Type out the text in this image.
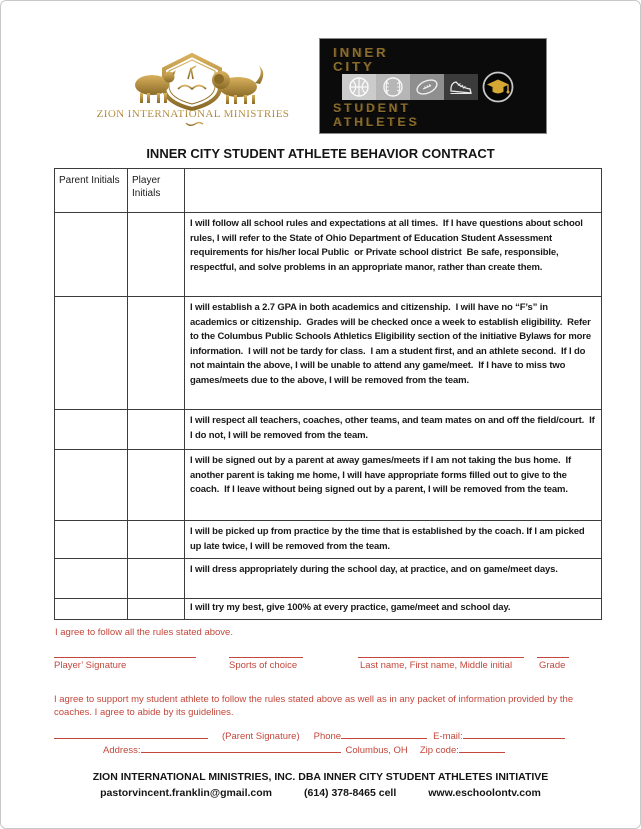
ZION INTERNATIONAL MINISTRIES
INNER
CITY
STUDENT
ATHLETES
INNER CITY STUDENT ATHLETE BEHAVIOR CONTRACT
Parent Initials	Player Initials
I will follow all school rules and expectations at all times.  If I have questions about school rules, I will refer to the State of Ohio Department of Education Student Assessment requirements for his/her local Public  or Private school district  Be safe, responsible, respectful, and solve problems in an appropriate manor, rather than create them.
I will establish a 2.7 GPA in both academics and citizenship.  I will have no “F’s” in academics or citizenship.  Grades will be checked once a week to establish eligibility.  Refer to the Columbus Public Schools Athletics Eligibility section of the initiative Bylaws for more information.  I will not be tardy for class.  I am a student first, and an athlete second.  If I do not maintain the above, I will be unable to attend any game/meet.  If I have to miss two games/meets due to the above, I will be removed from the team.
I will respect all teachers, coaches, other teams, and team mates on and off the field/court.  If I do not, I will be removed from the team.
I will be signed out by a parent at away games/meets if I am not taking the bus home.  If another parent is taking me home, I will have appropriate forms filled out to give to the coach.  If I leave without being signed out by a parent, I will be removed from the team.
I will be picked up from practice by the time that is established by the coach. If I am picked up late twice, I will be removed from the team.
I will dress appropriately during the school day, at practice, and on game/meet days.
I will try my best, give 100% at every practice, game/meet and school day.
I agree to follow all the rules stated above.
Player’ Signature	Sports of choice	Last name, First name, Middle initial	Grade
I agree to support my student athlete to follow the rules stated above as well as in any packet of information provided by the coaches. I agree to abide by its guidelines.
(Parent Signature) Phone	E-mail:
Address:	Columbus, OH Zip code:
ZION INTERNATIONAL MINISTRIES, INC. DBA INNER CITY STUDENT ATHLETES INITIATIVE
pastorvincent.franklin@gmail.com	(614) 378-8465 cell	www.eschoolontv.com
